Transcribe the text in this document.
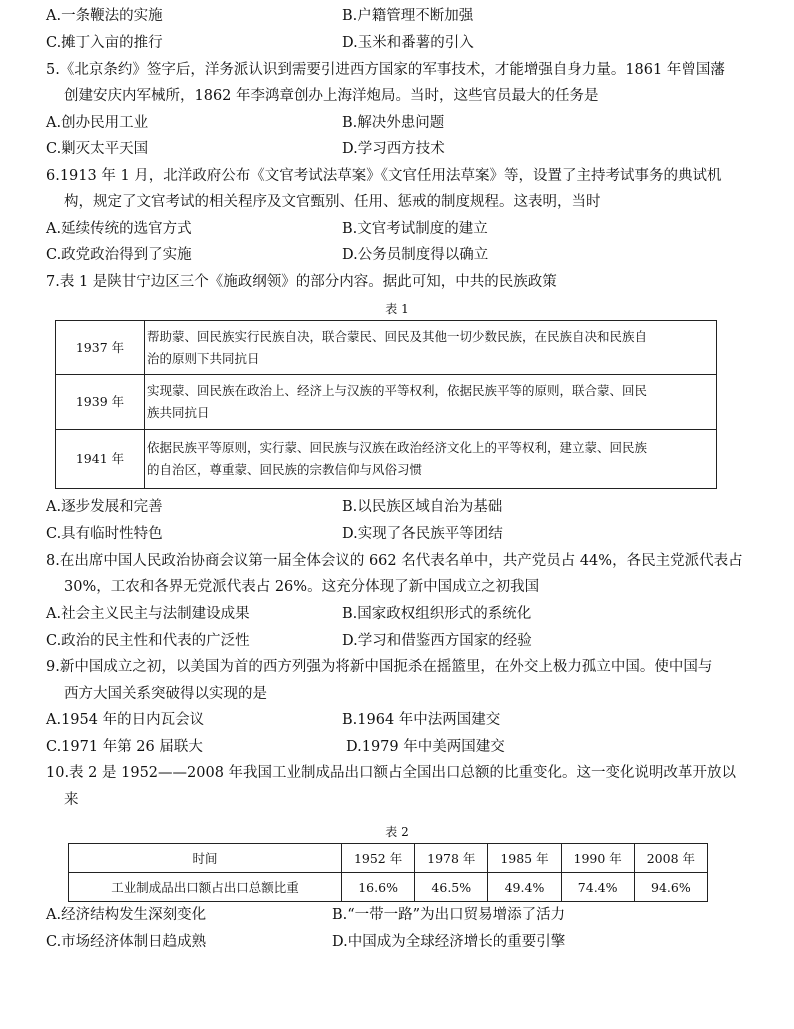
A.一条鞭法的实施	B.户籍管理不断加强
C.摊丁入亩的推行	D.玉米和番薯的引入
5.《北京条约》签字后，洋务派认识到需要引进西方国家的军事技术，才能增强自身力量。1861 年曾国藩
创建安庆内军械所，1862 年李鸿章创办上海洋炮局。当时，这些官员最大的任务是
A.创办民用工业	B.解决外患问题
C.剿灭太平天国	D.学习西方技术
6.1913 年 1 月，北洋政府公布《文官考试法草案》《文官任用法草案》等，设置了主持考试事务的典试机
构，规定了文官考试的相关程序及文官甄别、任用、惩戒的制度规程。这表明，当时
A.延续传统的选官方式	B.文官考试制度的建立
C.政党政治得到了实施	D.公务员制度得以确立
7.表 1 是陕甘宁边区三个《施政纲领》的部分内容。据此可知，中共的民族政策
表 1
1937 年	帮助蒙、回民族实行民族自决，联合蒙民、回民及其他一切少数民族，在民族自决和民族自
治的原则下共同抗日

1939 年	实现蒙、回民族在政治上、经济上与汉族的平等权利，依据民族平等的原则，联合蒙、回民
族共同抗日

1941 年	依据民族平等原则，实行蒙、回民族与汉族在政治经济文化上的平等权利，建立蒙、回民族
的自治区，尊重蒙、回民族的宗教信仰与风俗习惯
A.逐步发展和完善	B.以民族区域自治为基础
C.具有临时性特色	D.实现了各民族平等团结
8.在出席中国人民政治协商会议第一届全体会议的 662 名代表名单中，共产党员占 44%，各民主党派代表占
30%，工农和各界无党派代表占 26%。这充分体现了新中国成立之初我国
A.社会主义民主与法制建设成果	B.国家政权组织形式的系统化
C.政治的民主性和代表的广泛性	D.学习和借鉴西方国家的经验
9.新中国成立之初，以美国为首的西方列强为将新中国扼杀在摇篮里，在外交上极力孤立中国。使中国与
西方大国关系突破得以实现的是
A.1954 年的日内瓦会议	B.1964 年中法两国建交
C.1971 年第 26 届联大	D.1979 年中美两国建交
10.表 2 是 1952——2008 年我国工业制成品出口额占全国出口总额的比重变化。这一变化说明改革开放以
来
表 2
时间	1952 年	1978 年	1985 年	1990 年	2008 年
工业制成品出口额占出口总额比重	16.6%	46.5%	49.4%	74.4%	94.6%
A.经济结构发生深刻变化	B.“一带一路”为出口贸易增添了活力
C.市场经济体制日趋成熟	D.中国成为全球经济增长的重要引擎
